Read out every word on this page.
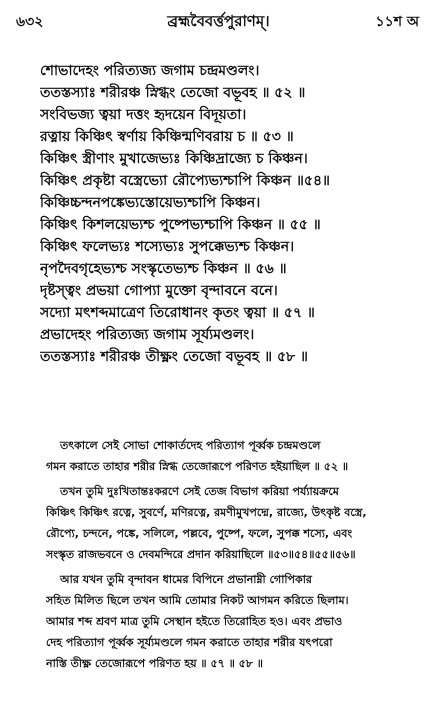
ব্রহ্মবৈবর্ত্তপুরাণম্।
৬৩২	১১শ অ
শোভাদেহং পরিত্যজ্য জগাম চন্দ্রমণ্ডলং।
ততস্তস্যাঃ শরীরঞ্চ স্নিগ্ধং তেজো বভূবহ ॥ ৫২ ॥
সংবিভজ্য ত্বয়া দত্তং হৃদয়েন বিদূয়তা।
রত্নায় কিঞ্চিৎ স্বর্ণায় কিঞ্চিন্মণিবরায় চ ॥ ৫৩ ॥
কিঞ্চিৎ স্ত্রীণাং মুখাজেভ্যঃ কিঞ্চিদ্রাজ্যে চ কিঞ্চন।
কিঞ্চিৎ প্রকৃষ্টা বস্ত্রেভ্যো রৌপ্যেভ্যশ্চাপি কিঞ্চন ॥৫৪॥
কিঞ্চিচ্চন্দনপঙ্কেভ্যস্তোয়েভ্যশ্চাপি কিঞ্চন।
কিঞ্চিৎ কিশলয়েভ্যশ্চ পুষ্পেভ্যশ্চাপি কিঞ্চন ॥ ৫৫ ॥
কিঞ্চিৎ ফলেভ্যঃ শস্যেভ্যঃ সুপক্কেভ্যশ্চ কিঞ্চন।
নৃপদৈবগৃহেভ্যশ্চ সংস্কৃতেভ্যশ্চ কিঞ্চন ॥ ৫৬ ॥
দৃষ্টস্ত্বং প্রভয়া গোপ্যা মুক্তো বৃন্দাবনে বনে।
সদ্যো মৎশব্দমাত্রেণ তিরোধানং কৃতং ত্বয়া ॥ ৫৭ ॥
প্রভাদেহং পরিত্যজ্য জগাম সূর্য্যমণ্ডলং।
ততস্তস্যাঃ শরীরঞ্চ তীক্ষ্ণং তেজো বভূবহ ॥ ৫৮ ॥

তৎকালে সেই সোভা শোকার্তদেহ পরিত্যাগ পূর্ব্বক চন্দ্রমণ্ডলে
গমন করাতে তাহার শরীর স্নিগ্ধ তেজোরূপে পরিণত হইয়াছিল ॥ ৫২ ॥

তখন তুমি দুঃখিতান্তঃকরণে সেই তেজ বিভাগ করিয়া পর্য্যায়ক্রমে
কিঞ্চিৎ কিঞ্চিৎ রত্নে, সুবর্ণে, মণিরত্নে, রমণীমুখপদ্মে, রাজ্যে, উৎকৃষ্ট বস্ত্রে,
রৌপ্যে, চন্দনে, পঙ্কে, সলিলে, পল্লবে, পুষ্পে, ফলে, সুপক্ক শস্যে, এবং
সংস্কৃত রাজভবনে ও দেবমন্দিরে প্রদান করিয়াছিলে ॥৫৩॥৫৪॥৫৫॥৫৬॥

আর যখন তুমি বৃন্দাবন ধামের বিপিনে প্রভানাম্নী গোপিকার
সহিত মিলিত ছিলে তখন আমি তোমার নিকট আগমন করিতে ছিলাম।
আমার শব্দ শ্রবণ মাত্র তুমি সেস্থান হইতে তিরোহিত হও। এবং প্রভাও
দেহ পরিত্যাগ পূর্ব্বক সূর্য্যমণ্ডলে গমন করাতে তাহার শরীর যৎপরো
নাস্তি তীক্ষ্ণ তেজোরূপে পরিণত হয় ॥ ৫৭ ॥ ৫৮ ॥
